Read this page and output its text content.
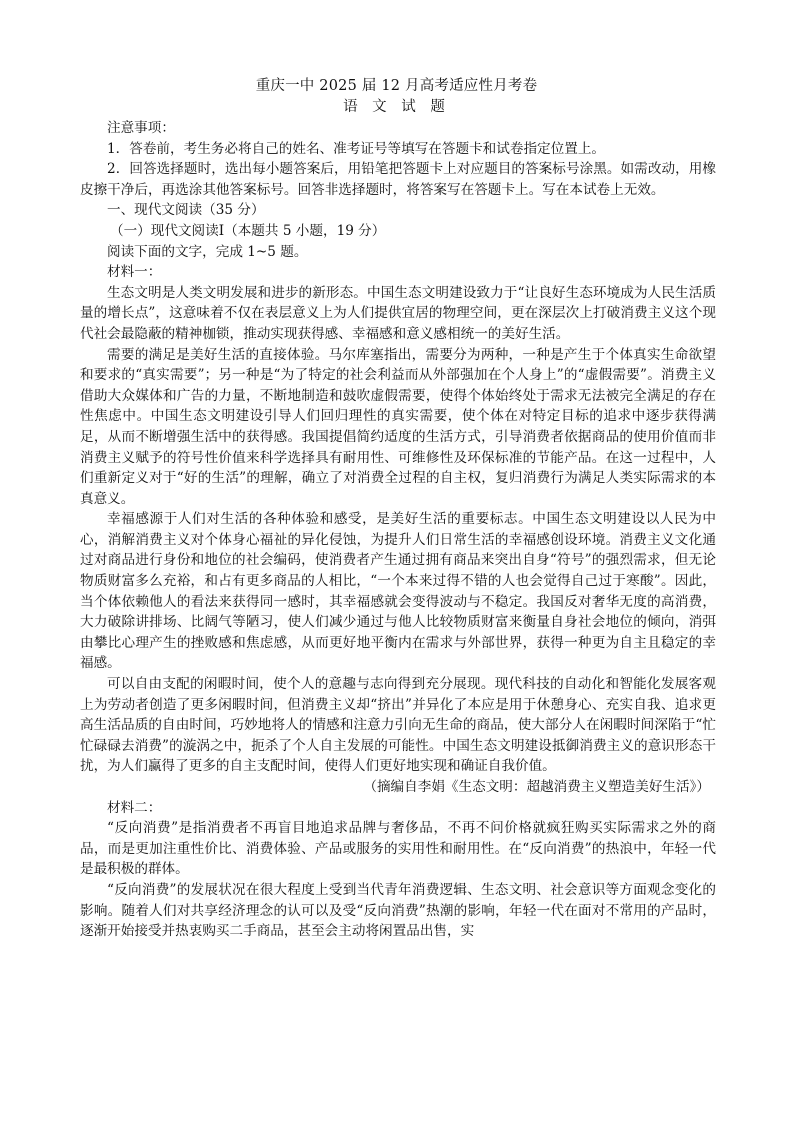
重庆一中 2025 届 12 月高考适应性月考卷
语 文 试 题

注意事项：

1．答卷前，考生务必将自己的姓名、准考证号等填写在答题卡和试卷指定位置上。

2．回答选择题时，选出每小题答案后，用铅笔把答题卡上对应题目的答案标号涂黑。如需改动，用橡皮擦干净后，再选涂其他答案标号。回答非选择题时，将答案写在答题卡上。写在本试卷上无效。

一、现代文阅读（35 分）

（一）现代文阅读Ⅰ（本题共 5 小题，19 分）

阅读下面的文字，完成 1~5 题。

材料一：

生态文明是人类文明发展和进步的新形态。中国生态文明建设致力于“让良好生态环境成为人民生活质量的增长点”，这意味着不仅在表层意义上为人们提供宜居的物理空间，更在深层次上打破消费主义这个现代社会最隐蔽的精神枷锁，推动实现获得感、幸福感和意义感相统一的美好生活。

需要的满足是美好生活的直接体验。马尔库塞指出，需要分为两种，一种是产生于个体真实生命欲望和要求的“真实需要”；另一种是“为了特定的社会利益而从外部强加在个人身上”的“虚假需要”。消费主义借助大众媒体和广告的力量，不断地制造和鼓吹虚假需要，使得个体始终处于需求无法被完全满足的存在性焦虑中。中国生态文明建设引导人们回归理性的真实需要，使个体在对特定目标的追求中逐步获得满足，从而不断增强生活中的获得感。我国提倡简约适度的生活方式，引导消费者依据商品的使用价值而非消费主义赋予的符号性价值来科学选择具有耐用性、可维修性及环保标准的节能产品。在这一过程中，人们重新定义对于“好的生活”的理解，确立了对消费全过程的自主权，复归消费行为满足人类实际需求的本真意义。

幸福感源于人们对生活的各种体验和感受，是美好生活的重要标志。中国生态文明建设以人民为中心，消解消费主义对个体身心福祉的异化侵蚀，为提升人们日常生活的幸福感创设环境。消费主义文化通过对商品进行身份和地位的社会编码，使消费者产生通过拥有商品来突出自身“符号”的强烈需求，但无论物质财富多么充裕，和占有更多商品的人相比，“一个本来过得不错的人也会觉得自己过于寒酸”。因此，当个体依赖他人的看法来获得同一感时，其幸福感就会变得波动与不稳定。我国反对奢华无度的高消费，大力破除讲排场、比阔气等陋习，使人们减少通过与他人比较物质财富来衡量自身社会地位的倾向，消弭由攀比心理产生的挫败感和焦虑感，从而更好地平衡内在需求与外部世界，获得一种更为自主且稳定的幸福感。

可以自由支配的闲暇时间，使个人的意趣与志向得到充分展现。现代科技的自动化和智能化发展客观上为劳动者创造了更多闲暇时间，但消费主义却“挤出”并异化了本应是用于休憩身心、充实自我、追求更高生活品质的自由时间，巧妙地将人的情感和注意力引向无生命的商品，使大部分人在闲暇时间深陷于“忙忙碌碌去消费”的漩涡之中，扼杀了个人自主发展的可能性。中国生态文明建设抵御消费主义的意识形态干扰，为人们赢得了更多的自主支配时间，使得人们更好地实现和确证自我价值。

（摘编自李娟《生态文明：超越消费主义塑造美好生活》）

材料二：

“反向消费”是指消费者不再盲目地追求品牌与奢侈品，不再不问价格就疯狂购买实际需求之外的商品，而是更加注重性价比、消费体验、产品或服务的实用性和耐用性。在“反向消费”的热浪中，年轻一代是最积极的群体。

“反向消费”的发展状况在很大程度上受到当代青年消费逻辑、生态文明、社会意识等方面观念变化的影响。随着人们对共享经济理念的认可以及受“反向消费”热潮的影响，年轻一代在面对不常用的产品时，逐渐开始接受并热衷购买二手商品，甚至会主动将闲置品出售，实
